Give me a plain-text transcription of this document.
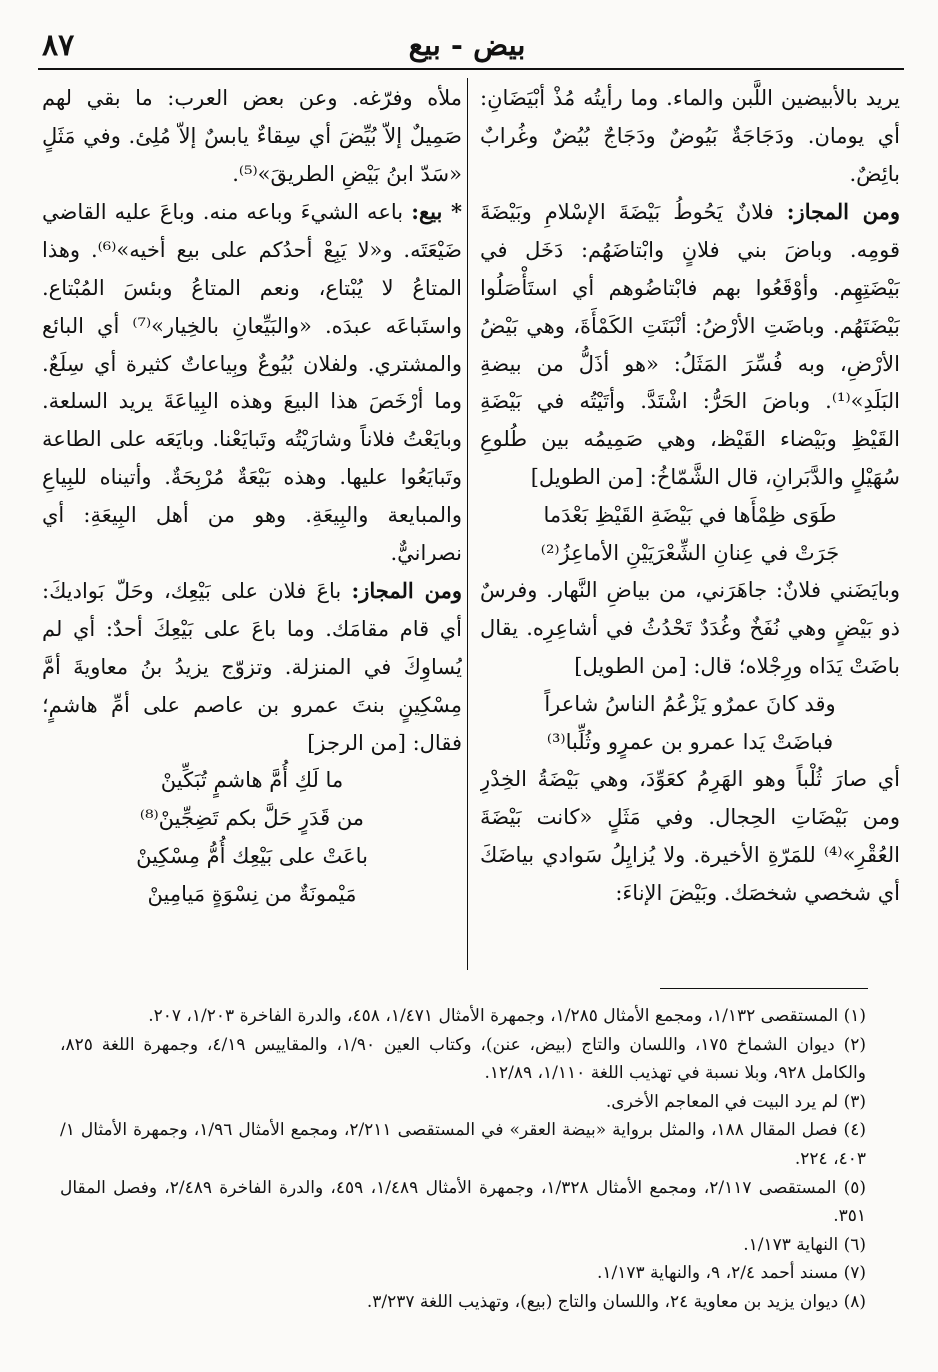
٨٧	بيض - بيع

يريد بالأبيضين اللَّبن والماء. وما رأيتُه مُذْ أبْيَضَانِ: أي يومان. ودَجَاجَةٌ بَيُوضٌ ودَجَاجٌ بُيُضٌ وغُرابٌ بائِضٌ.

ومن المجاز: فلانٌ يَحُوطُ بَيْضَةَ الإسْلامِ وبَيْضَةَ قومِه. وباضَ بني فلانٍ وابْتاضَهُم: دَخَل في بَيْضَتِهِم. وأوْقَعُوا بهم فابْتاضُوهم أي استَأْصَلُوا بَيْضَتَهُم. وباضَتِ الأرْضُ: أنْبَتَتِ الكَمْأَةَ، وهي بَيْضُ الأرْضِ، وبه فُسِّرَ المَثَلُ: «هو أذَلُّ من بيضةِ البَلَدِ»⁽¹⁾. وباضَ الحَرُّ: اشْتَدَّ. وأتَيْتُه في بَيْضَةِ القَيْظِ وبَيْضاء القَيْظ، وهي صَمِيمُه بين طُلوعِ سُهَيْلٍ والدَّبَرانِ، قال الشَّمّاخُ: [من الطويل]

طَوَى ظِمْأَها في بَيْضَةِ القَيْظِ بَعْدَما

جَرَتْ في عِنانِ الشِّعْرَيَيْنِ الأماعِزُ⁽²⁾

وبايَضَني فلانٌ: جاهَرَني، من بياضِ النَّهار. وفرسٌ ذو بَيْضٍ وهي نُفَخٌ وغُدَدٌ تَحْدُثُ في أشاعِرِه. يقال باضَتْ يَدَاه ورِجْلاه؛ قال: [من الطويل]

وقد كانَ عمرٌو يَزْعُمُ الناسُ شاعراً

فباضَتْ يَدا عمرو بن عمرٍو وثُلِّبا⁽³⁾

أي صارَ ثُلْباً وهو الهَرِمُ كعَوِّدَ، وهي بَيْضَةُ الخِدْرِ ومن بَيْضَاتِ الحِجال. وفي مَثَلٍ «كانت بَيْضَةَ العُقْرِ»⁽⁴⁾ للمَرّةِ الأخيرة. ولا يُزايِلُ سَوادي بياضَكَ أي شخصي شخصَك. وبَيْضَ الإناءَ:

ملأه وفرّغه. وعن بعض العرب: ما بقي لهم صَمِيلٌ إلاّ بُيِّضَ أي سِقاءٌ يابسٌ إلاّ مُلِئ. وفي مَثَلٍ «سَدّ ابنُ بَيْضِ الطريقَ»⁽⁵⁾.

* بيع: باعه الشيءَ وباعه منه. وباعَ عليه القاضي ضَيْعَتَه. و«لا يَبِعْ أحدُكم على بيع أخيه»⁽⁶⁾. وهذا المتاعُ لا يُبْتاع، ونعم المتاعُ وبئسَ المُبْتاع. واستَباعَه عبدَه. «والبَيِّعانِ بالخِيار»⁽⁷⁾ أي البائع والمشتري. ولفلان بُيُوعٌ وبِياعاتٌ كثيرة أي سِلَعٌ. وما أرْخَصَ هذا البيعَ وهذه البِياعَةَ يريد السلعة. وبايَعْتُ فلاناً وشارَيْتُه وتَبايَعْنا. وبايَعَه على الطاعة وتَبايَعُوا عليها. وهذه بَيْعَةٌ مُرْبِحَةٌ. وأتيناه للبِياعِ والمبايعة والبِيعَةِ. وهو من أهل البِيعَةِ: أي نصرانيٌّ.

ومن المجاز: باعَ فلان على بَيْعِك، وحَلّ بَواديكَ: أي قام مقامَك. وما باعَ على بَيْعِكَ أحدٌ: أي لم يُساوِكَ في المنزلة. وتزوّج يزيدُ بنُ معاويةَ أمَّ مِسْكِينٍ بنتَ عمرو بن عاصم على أمِّ هاشمٍ؛ فقال: [من الرجز]

ما لَكِ أُمَّ هاشمٍ تُبَكِّينْ

من قَدَرٍ حَلَّ بكم تَضِجِّينْ⁽⁸⁾

باعَتْ على بَيْعِك أُمُّ مِسْكِينْ

مَيْمونَةٌ من نِسْوَةٍ مَيامِينْ

(١) المستقصى ١/١٣٢، ومجمع الأمثال ١/٢٨٥، وجمهرة الأمثال ١/٤٧١، ٤٥٨، والدرة الفاخرة ١/٢٠٣، ٢٠٧.

(٢) ديوان الشماخ ١٧٥، واللسان والتاج (بيض، عنن)، وكتاب العين ١/٩٠، والمقاييس ٤/١٩، وجمهرة اللغة ٨٢٥، والكامل ٩٢٨، وبلا نسبة في تهذيب اللغة ١/١١٠، ١٢/٨٩.

(٣) لم يرد البيت في المعاجم الأخرى.

(٤) فصل المقال ١٨٨، والمثل برواية «بيضة العقر» في المستقصى ٢/٢١١، ومجمع الأمثال ١/٩٦، وجمهرة الأمثال ١/ ٤٠٣، ٢٢٤.

(٥) المستقصى ٢/١١٧، ومجمع الأمثال ١/٣٢٨، وجمهرة الأمثال ١/٤٨٩، ٤٥٩، والدرة الفاخرة ٢/٤٨٩، وفصل المقال ٣٥١.

(٦) النهاية ١/١٧٣.

(٧) مسند أحمد ٢/٤، ٩، والنهاية ١/١٧٣.

(٨) ديوان يزيد بن معاوية ٢٤، واللسان والتاج (بيع)، وتهذيب اللغة ٣/٢٣٧.
